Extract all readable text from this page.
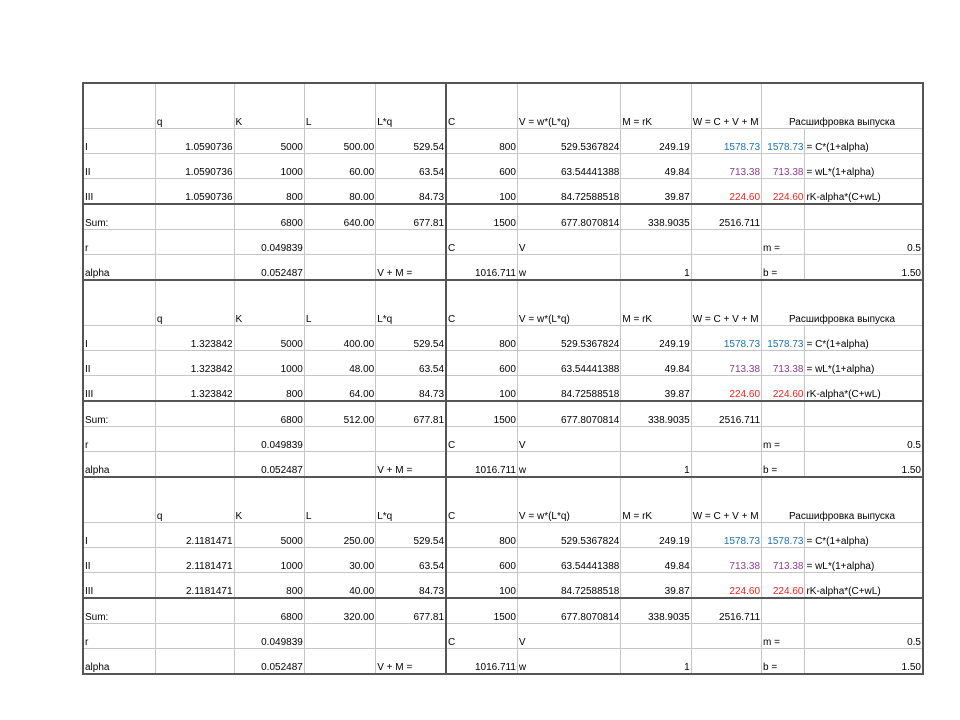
	q	K	L	L*q	C	V = w*(L*q)	M = rK	W = C + V + M	Расшифровка выпуска	
I	1.0590736	5000	500.00	529.54	800	529.5367824	249.19	1578.73	1578.73	= C*(1+alpha)
II	1.0590736	1000	60.00	63.54	600	63.54441388	49.84	713.38	713.38	= wL*(1+alpha)
III	1.0590736	800	80.00	84.73	100	84.72588518	39.87	224.60	224.60	rK-alpha*(C+wL)
Sum:		6800	640.00	677.81	1500	677.8070814	338.9035	2516.711		
r		0.049839			C	V			m =	0.5
alpha		0.052487		V + M =	1016.711	w	1		b =	1.50
	q	K	L	L*q	C	V = w*(L*q)	M = rK	W = C + V + M	Расшифровка выпуска	
I	1.323842	5000	400.00	529.54	800	529.5367824	249.19	1578.73	1578.73	= C*(1+alpha)
II	1.323842	1000	48.00	63.54	600	63.54441388	49.84	713.38	713.38	= wL*(1+alpha)
III	1.323842	800	64.00	84.73	100	84.72588518	39.87	224.60	224.60	rK-alpha*(C+wL)
Sum:		6800	512.00	677.81	1500	677.8070814	338.9035	2516.711		
r		0.049839			C	V			m =	0.5
alpha		0.052487		V + M =	1016.711	w	1		b =	1.50
	q	K	L	L*q	C	V = w*(L*q)	M = rK	W = C + V + M	Расшифровка выпуска	
I	2.1181471	5000	250.00	529.54	800	529.5367824	249.19	1578.73	1578.73	= C*(1+alpha)
II	2.1181471	1000	30.00	63.54	600	63.54441388	49.84	713.38	713.38	= wL*(1+alpha)
III	2.1181471	800	40.00	84.73	100	84.72588518	39.87	224.60	224.60	rK-alpha*(C+wL)
Sum:		6800	320.00	677.81	1500	677.8070814	338.9035	2516.711		
r		0.049839			C	V			m =	0.5
alpha		0.052487		V + M =	1016.711	w	1		b =	1.50
